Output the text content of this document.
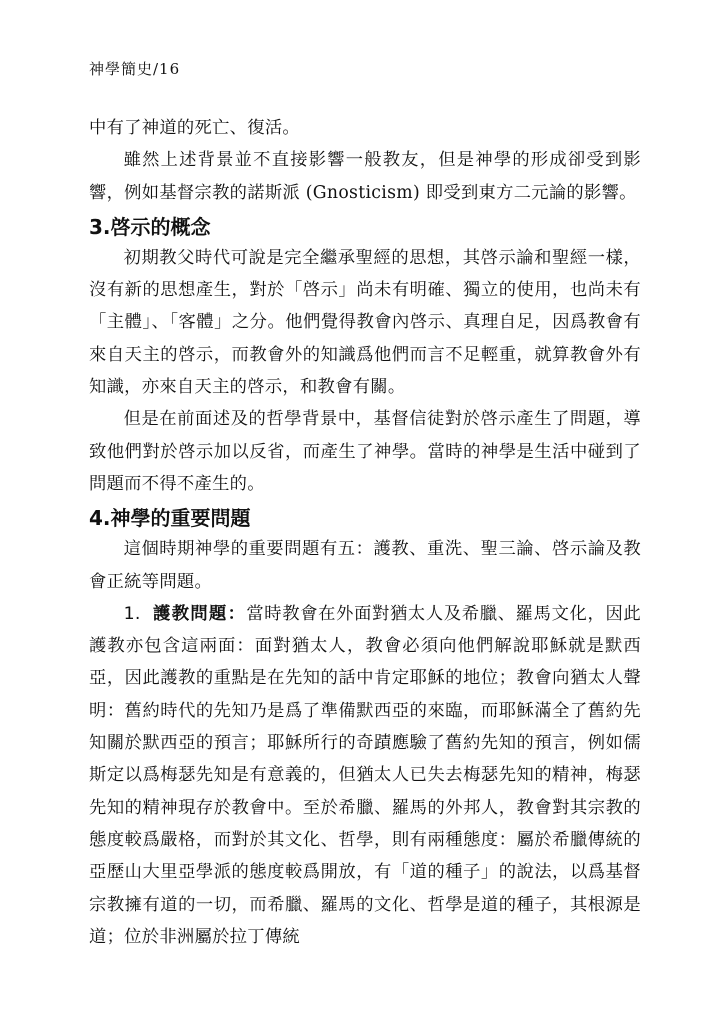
神學簡史/16

中有了神道的死亡、復活。

雖然上述背景並不直接影響一般教友，但是神學的形成卻受到影響，例如基督宗教的諾斯派 (Gnosticism) 即受到東方二元論的影響。

3.啓示的概念

初期教父時代可說是完全繼承聖經的思想，其啓示論和聖經一樣，沒有新的思想產生，對於「啓示」尚未有明確、獨立的使用，也尚未有「主體」、「客體」之分。他們覺得教會內啓示、真理自足，因爲教會有來自天主的啓示，而教會外的知識爲他們而言不足輕重，就算教會外有知識，亦來自天主的啓示，和教會有關。

但是在前面述及的哲學背景中，基督信徒對於啓示產生了問題，導致他們對於啓示加以反省，而產生了神學。當時的神學是生活中碰到了問題而不得不產生的。

4.神學的重要問題

這個時期神學的重要問題有五：護教、重洗、聖三論、啓示論及教會正統等問題。

1. 護教問題：當時教會在外面對猶太人及希臘、羅馬文化，因此護教亦包含這兩面：面對猶太人，教會必須向他們解說耶穌就是默西亞，因此護教的重點是在先知的話中肯定耶穌的地位；教會向猶太人聲明：舊約時代的先知乃是爲了準備默西亞的來臨，而耶穌滿全了舊約先知關於默西亞的預言；耶穌所行的奇蹟應驗了舊約先知的預言，例如儒斯定以爲梅瑟先知是有意義的，但猶太人已失去梅瑟先知的精神，梅瑟先知的精神現存於教會中。至於希臘、羅馬的外邦人，教會對其宗教的態度較爲嚴格，而對於其文化、哲學，則有兩種態度：屬於希臘傳統的亞歷山大里亞學派的態度較爲開放，有「道的種子」的說法，以爲基督宗教擁有道的一切，而希臘、羅馬的文化、哲學是道的種子，其根源是道；位於非洲屬於拉丁傳統
